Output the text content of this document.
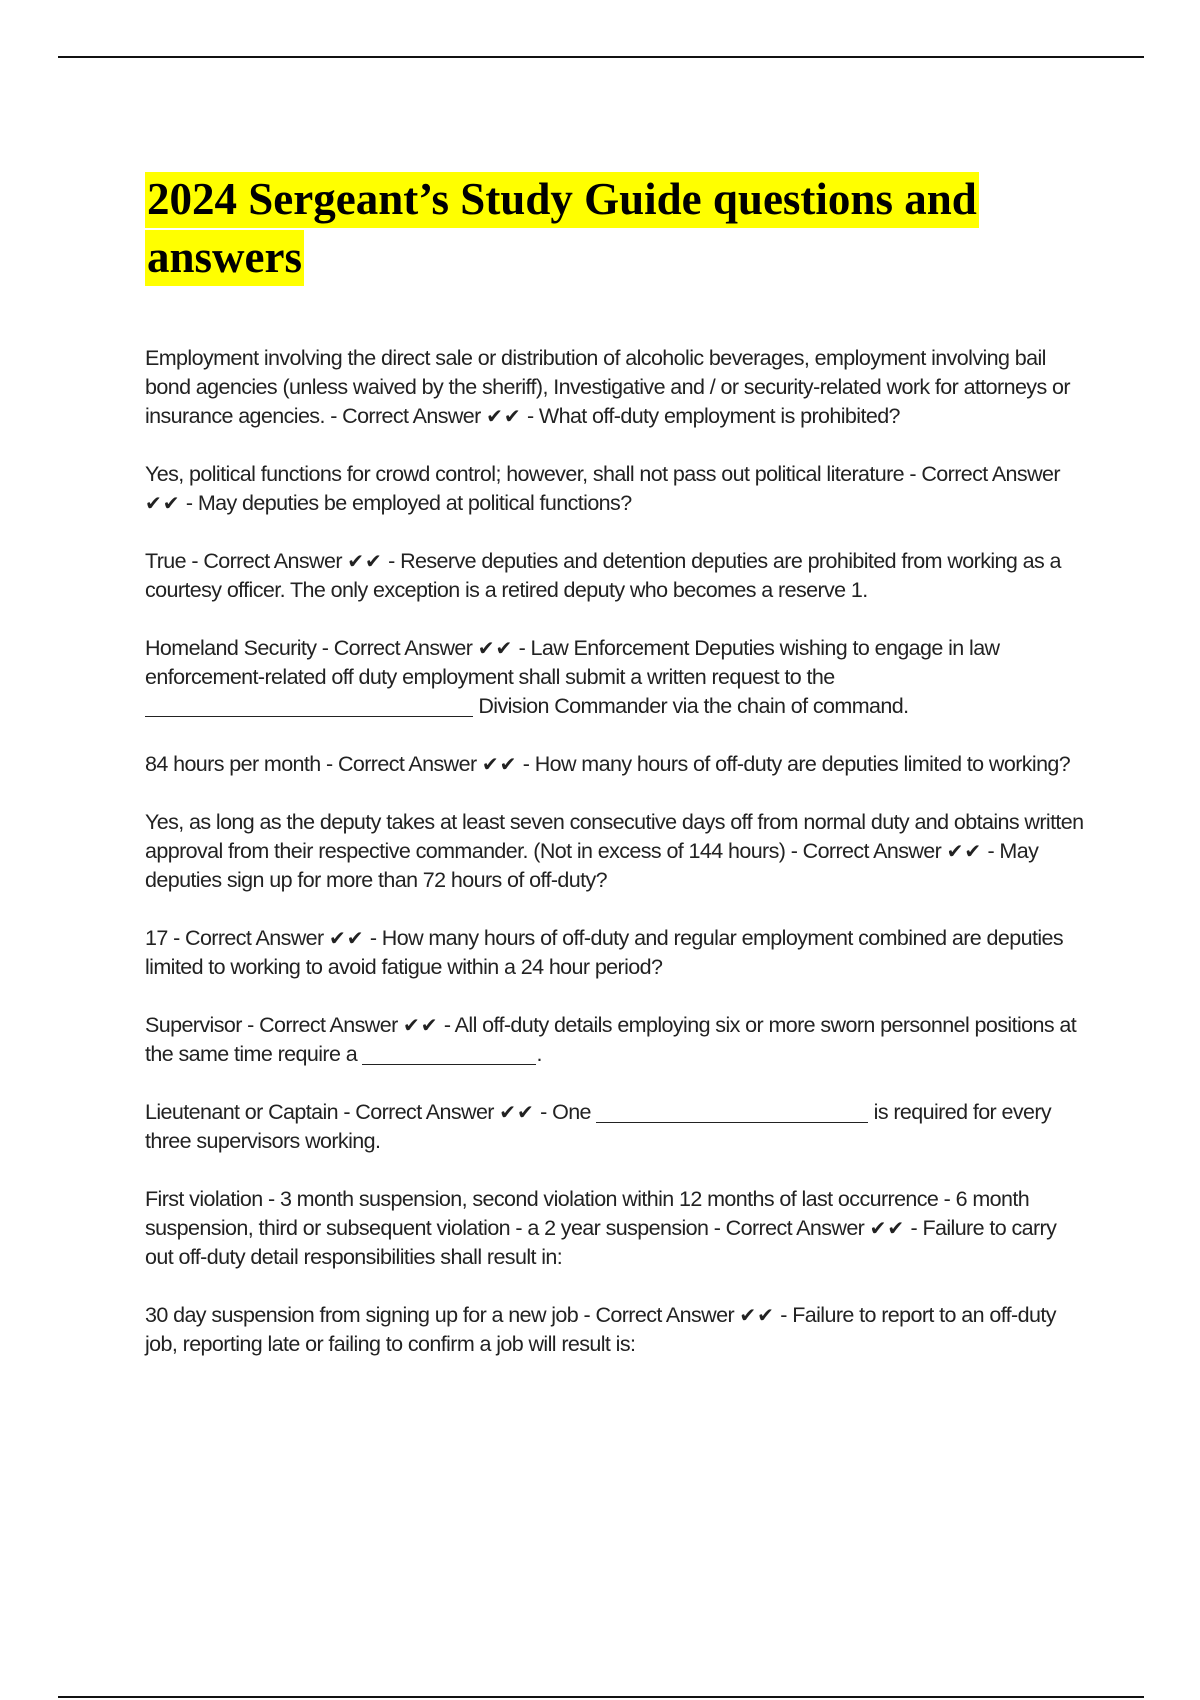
2024 Sergeant’s Study Guide questions and answers

Employment involving the direct sale or distribution of alcoholic beverages, employment involving bail bond agencies (unless waived by the sheriff), Investigative and / or security-related work for attorneys or insurance agencies. - Correct Answer ✔✔ - What off-duty employment is prohibited?

Yes, political functions for crowd control; however, shall not pass out political literature - Correct Answer ✔✔ - May deputies be employed at political functions?

True - Correct Answer ✔✔ - Reserve deputies and detention deputies are prohibited from working as a courtesy officer. The only exception is a retired deputy who becomes a reserve 1.

Homeland Security - Correct Answer ✔✔ - Law Enforcement Deputies wishing to engage in law enforcement-related off duty employment shall submit a written request to the  Division Commander via the chain of command.

84 hours per month - Correct Answer ✔✔ - How many hours of off-duty are deputies limited to working?

Yes, as long as the deputy takes at least seven consecutive days off from normal duty and obtains written approval from their respective commander. (Not in excess of 144 hours) - Correct Answer ✔✔ - May deputies sign up for more than 72 hours of off-duty?

17 - Correct Answer ✔✔ - How many hours of off-duty and regular employment combined are deputies limited to working to avoid fatigue within a 24 hour period?

Supervisor - Correct Answer ✔✔ - All off-duty details employing six or more sworn personnel positions at the same time require a	.

Lieutenant or Captain - Correct Answer ✔✔ - One	is required for every three supervisors working.

First violation - 3 month suspension, second violation within 12 months of last occurrence - 6 month suspension, third or subsequent violation - a 2 year suspension - Correct Answer ✔✔ - Failure to carry out off-duty detail responsibilities shall result in:

30 day suspension from signing up for a new job - Correct Answer ✔✔ - Failure to report to an off-duty job, reporting late or failing to confirm a job will result is:
